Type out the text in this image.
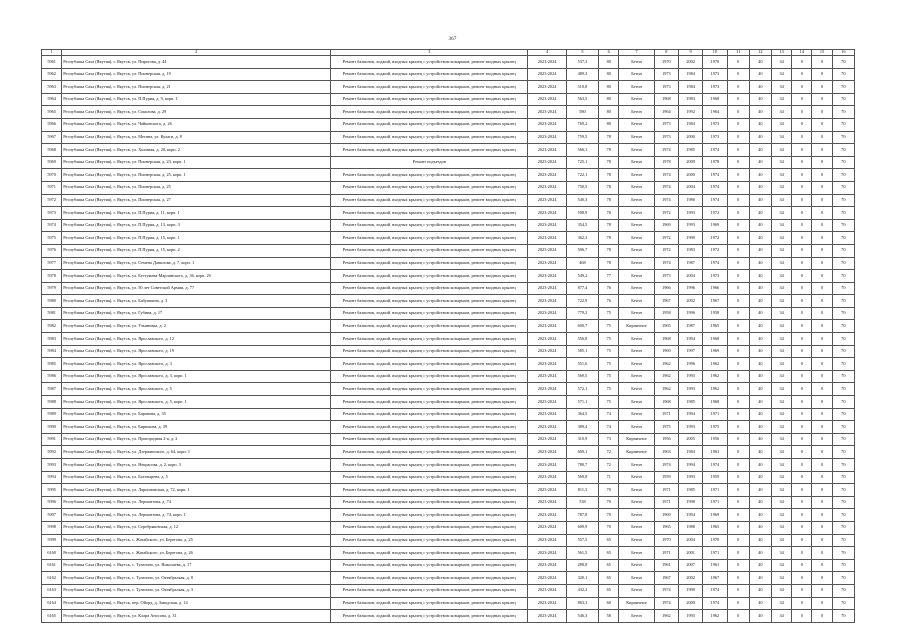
367
1	2	3	4	5	6	7	8	9	10	11	12	13	14	15	16
5961	Республика Саха (Якутия), г. Якутск, ул. Пирогова, д. 44	Ремонт балконов, лоджий, входных крылец с устройством козырьков, ремонт входных крылец	2023-2024	537,3	80	Бетон	1970	2002	1970	0	40	34	0	0	70
5962	Республика Саха (Якутия), г. Якутск, ул. Пионерская, д. 19	Ремонт балконов, лоджий, входных крылец с устройством козырьков, ремонт входных крылец	2023-2024	489,3	80	Бетон	1973	1984	1973	0	40	34	0	0	70
5963	Республика Саха (Якутия), г. Якутск, ул. Пионерская, д. 21	Ремонт балконов, лоджий, входных крылец с устройством козырьков, ремонт входных крылец	2023-2024	510,8	80	Бетон	1973	1984	1973	0	40	34	0	0	70
5964	Республика Саха (Якутия), г. Якутск, ул. П.Пурия, д. 9, корп. 1	Ремонт балконов, лоджий, входных крылец с устройством козырьков, ремонт входных крылец	2023-2024	563,5	80	Бетон	1968	1983	1968	0	40	34	0	0	70
5965	Республика Саха (Якутия), г. Якутск, ул. Соколова, д. 29	Ремонт балконов, лоджий, входных крылец с устройством козырьков, ремонт входных крылец	2023-2024	580	80	Бетон	1964	1992	1964	0	40	34	0	0	70
5966	Республика Саха (Якутия), г. Якутск, ул. Чайковского, д. 26	Ремонт балконов, лоджий, входных крылец с устройством козырьков, ремонт входных крылец	2023-2024	769,2	80	Бетон	1973	1984	1973	0	40	34	0	0	70
5967	Республика Саха (Якутия), г. Якутск, ул. Мегина, ул. Кулаги, д. 8	Ремонт балконов, лоджий, входных крылец с устройством козырьков, ремонт входных крылец	2023-2024	759,5	78	Бетон	1973	2000	1973	0	40	34	0	0	70
5968	Республика Саха (Якутия), г. Якутск, ул. Холмная, д. 20, корп. 2	Ремонт балконов, лоджий, входных крылец с устройством козырьков, ремонт входных крылец	2023-2024	566,1	78	Бетон	1974	1985	1974	0	40	34	0	0	70
5969	Республика Саха (Якутия), г. Якутск, ул. Пионерская, д. 23, корп. 1	Ремонт подъездов	2023-2024	725,1	78	Бетон	1978	2009	1978	0	40	34	0	0	70
5970	Республика Саха (Якутия), г. Якутск, ул. Пионерская, д. 25, корп. 1	Ремонт балконов, лоджий, входных крылец с устройством козырьков, ремонт входных крылец	2023-2024	722,1	78	Бетон	1974	2000	1974	0	40	34	0	0	70
5971	Республика Саха (Якутия), г. Якутск, ул. Пионерская, д. 25	Ремонт балконов, лоджий, входных крылец с устройством козырьков, ремонт входных крылец	2023-2024	750,5	78	Бетон	1974	2004	1974	0	40	34	0	0	70
5972	Республика Саха (Якутия), г. Якутск, ул. Пионерская, д. 27	Ремонт балконов, лоджий, входных крылец с устройством козырьков, ремонт входных крылец	2023-2024	540,3	78	Бетон	1974	1986	1974	0	40	34	0	0	70
5973	Республика Саха (Якутия), г. Якутск, ул. П.Пурия, д. 11, корп. 1	Ремонт балконов, лоджий, входных крылец с устройством козырьков, ремонт входных крылец	2023-2024	508,9	78	Бетон	1972	1993	1972	0	40	34	0	0	70
5974	Республика Саха (Якутия), г. Якутск, ул. П.Пурия, д. 13, корп. 3	Ремонт балконов, лоджий, входных крылец с устройством козырьков, ремонт входных крылец	2023-2024	354,5	78	Бетон	1969	1993	1969	0	40	34	0	0	70
5975	Республика Саха (Якутия), г. Якутск, ул. П.Пурия, д. 15, корп. 1	Ремонт балконов, лоджий, входных крылец с устройством козырьков, ремонт входных крылец	2023-2024	362,3	78	Бетон	1972	1990	1972	0	40	34	0	0	70
5976	Республика Саха (Якутия), г. Якутск, ул. П.Пурия, д. 15, корп. 2	Ремонт балконов, лоджий, входных крылец с устройством козырьков, ремонт входных крылец	2023-2024	506,7	78	Бетон	1972	1983	1972	0	40	34	0	0	70
5977	Республика Саха (Якутия), г. Якутск, ул. Семена Данилова, д. 7, корп. 1	Ремонт балконов, лоджий, входных крылец с устройством козырьков, ремонт входных крылец	2023-2024	468	78	Бетон	1974	1987	1974	0	40	34	0	0	70
5978	Республика Саха (Якутия), г. Якутск, ул. Бестужева-Марлинского, д. 36, корп. 2б	Ремонт балконов, лоджий, входных крылец с устройством козырьков, ремонт входных крылец	2023-2024	549,2	77	Бетон	1973	2004	1973	0	40	34	0	0	70
5979	Республика Саха (Якутия), г. Якутск, ул. 50 лет Советской Армии, д. 77	Ремонт балконов, лоджий, входных крылец с устройством козырьков, ремонт входных крылец	2023-2024	877,4	76	Бетон	1966	1996	1966	0	40	34	0	0	70
5980	Республика Саха (Якутия), г. Якутск, ул. Бабушкина, д. 3	Ремонт балконов, лоджий, входных крылец с устройством козырьков, ремонт входных крылец	2023-2024	722,9	76	Бетон	1967	2002	1967	0	40	34	0	0	70
5981	Республика Саха (Якутия), г. Якутск, ул. Губина, д. 17	Ремонт балконов, лоджий, входных крылец с устройством козырьков, ремонт входных крылец	2023-2024	779,2	75	Бетон	1958	1996	1958	0	40	34	0	0	70
5982	Республика Саха (Якутия), г. Якутск, ул. Ульяновка, д. 2	Ремонт балконов, лоджий, входных крылец с устройством козырьков, ремонт входных крылец	2023-2024	600,7	75	Кирпичное	1965	1987	1965	0	40	34	0	0	70
5983	Республика Саха (Якутия), г. Якутск, ул. Ярославского, д. 12	Ремонт балконов, лоджий, входных крылец с устройством козырьков, ремонт входных крылец	2023-2024	556,8	75	Бетон	1968	1994	1968	0	40	34	0	0	70
5984	Республика Саха (Якутия), г. Якутск, ул. Ярославского, д. 19	Ремонт балконов, лоджий, входных крылец с устройством козырьков, ремонт входных крылец	2023-2024	585,1	75	Бетон	1969	1997	1969	0	40	34	0	0	70
5985	Республика Саха (Якутия), г. Якутск, ул. Ярославского, д. 3	Ремонт балконов, лоджий, входных крылец с устройством козырьков, ремонт входных крылец	2023-2024	551,6	75	Бетон	1962	1996	1962	0	40	34	0	0	70
5986	Республика Саха (Якутия), г. Якутск, ул. Ярославского, д. 3, корп. 1	Ремонт балконов, лоджий, входных крылец с устройством козырьков, ремонт входных крылец	2023-2024	569,5	75	Бетон	1962	1993	1962	0	40	34	0	0	70
5987	Республика Саха (Якутия), г. Якутск, ул. Ярославского, д. 5	Ремонт балконов, лоджий, входных крылец с устройством козырьков, ремонт входных крылец	2023-2024	572,1	75	Бетон	1962	1993	1962	0	40	34	0	0	70
5988	Республика Саха (Якутия), г. Якутск, ул. Ярославского, д. 5, корп. 1	Ремонт балконов, лоджий, входных крылец с устройством козырьков, ремонт входных крылец	2023-2024	571,1	75	Бетон	1968	1985	1968	0	40	34	0	0	70
5989	Республика Саха (Якутия), г. Якутск, ул. Баранова, д. 35	Ремонт балконов, лоджий, входных крылец с устройством козырьков, ремонт входных крылец	2023-2024	364,5	74	Бетон	1971	1994	1971	0	40	34	0	0	70
5990	Республика Саха (Якутия), г. Якутск, ул. Бирюкова, д. 39	Ремонт балконов, лоджий, входных крылец с устройством козырьков, ремонт входных крылец	2023-2024	389,4	74	Бетон	1975	1993	1975	0	40	34	0	0	70
5991	Республика Саха (Якутия), г. Якутск, ул. Пригородная 2-я, д. 2	Ремонт балконов, лоджий, входных крылец с устройством козырьков, ремонт входных крылец	2023-2024	310,9	73	Кирпичное	1956	2005	1956	0	40	34	0	0	70
5992	Республика Саха (Якутия), г. Якутск, ул. Дзержинского, д. 64, корп. 1	Ремонт балконов, лоджий, входных крылец с устройством козырьков, ремонт входных крылец	2023-2024	609,1	72	Кирпичное	1963	1984	1963	0	40	34	0	0	70
5993	Республика Саха (Якутия), г. Якутск, ул. Некрасова, д. 2, корп. 3	Ремонт балконов, лоджий, входных крылец с устройством козырьков, ремонт входных крылец	2023-2024	780,7	72	Бетон	1974	1994	1974	0	40	34	0	0	70
5994	Республика Саха (Якутия), г. Якутск, ул. Богатырева, д. 5	Ремонт балконов, лоджий, входных крылец с устройством козырьков, ремонт входных крылец	2023-2024	569,8	71	Бетон	1959	1993	1959	0	40	34	0	0	70
5995	Республика Саха (Якутия), г. Якутск, ул. Ларионовская, д. 72, корп. 1	Ремонт балконов, лоджий, входных крылец с устройством козырьков, ремонт входных крылец	2023-2024	811,3	70	Бетон	1971	1985	1971	0	40	34	0	0	70
5996	Республика Саха (Якутия), г. Якутск, ул. Лермонтова, д. 74	Ремонт балконов, лоджий, входных крылец с устройством козырьков, ремонт входных крылец	2023-2024	538	70	Бетон	1971	1998	1971	0	40	34	0	0	70
5997	Республика Саха (Якутия), г. Якутск, ул. Лермонтова, д. 74, корп. 1	Ремонт балконов, лоджий, входных крылец с устройством козырьков, ремонт входных крылец	2023-2024	787,8	70	Бетон	1969	1994	1969	0	40	34	0	0	70
5998	Республика Саха (Якутия), г. Якутск, ул. Серебряковская, д. 12	Ремонт балконов, лоджий, входных крылец с устройством козырьков, ремонт входных крылец	2023-2024	609,9	70	Бетон	1965	1988	1965	0	40	34	0	0	70
5999	Республика Саха (Якутия), г. Якутск, с. Жатайского, ул. Берегова, д. 25	Ремонт балконов, лоджий, входных крылец с устройством козырьков, ремонт входных крылец	2023-2024	557,5	65	Бетон	1970	2004	1970	0	40	34	0	0	70
6160	Республика Саха (Якутия), г. Якутск, с. Жатайского, ул. Берегова, д. 26	Ремонт балконов, лоджий, входных крылец с устройством козырьков, ремонт входных крылец	2023-2024	561,5	65	Бетон	1971	2001	1971	0	40	34	0	0	70
6161	Республика Саха (Якутия), г. Якутск, с. Тулагино, ул. Николаева, д. 17	Ремонт балконов, лоджий, входных крылец с устройством козырьков, ремонт входных крылец	2023-2024	288,8	65	Бетон	1961	2007	1961	0	40	34	0	0	70
6162	Республика Саха (Якутия), г. Якутск, с. Тулагино, ул. Октябрьская, д. 8	Ремонт балконов, лоджий, входных крылец с устройством козырьков, ремонт входных крылец	2023-2024	320,1	65	Бетон	1967	2002	1967	0	40	34	0	0	70
6163	Республика Саха (Якутия), г. Якутск, с. Тулагино, ул. Октябрьская, д. 3	Ремонт балконов, лоджий, входных крылец с устройством козырьков, ремонт входных крылец	2023-2024	432,2	65	Бетон	1974	1990	1974	0	40	34	0	0	70
6164	Республика Саха (Якутия), г. Якутск, пер. Ойорд, д. Заводская, д. 14	Ремонт балконов, лоджий, входных крылец с устройством козырьков, ремонт входных крылец	2023-2024	863,3	60	Кирпичное	1974	2000	1974	0	40	34	0	0	70
6165	Республика Саха (Якутия), г. Якутск, ул. Клара Аносова, д. 31	Ремонт балконов, лоджий, входных крылец с устройством козырьков, ремонт входных крылец	2023-2024	546,3	58	Бетон	1962	1993	1962	0	40	34	0	0	70
